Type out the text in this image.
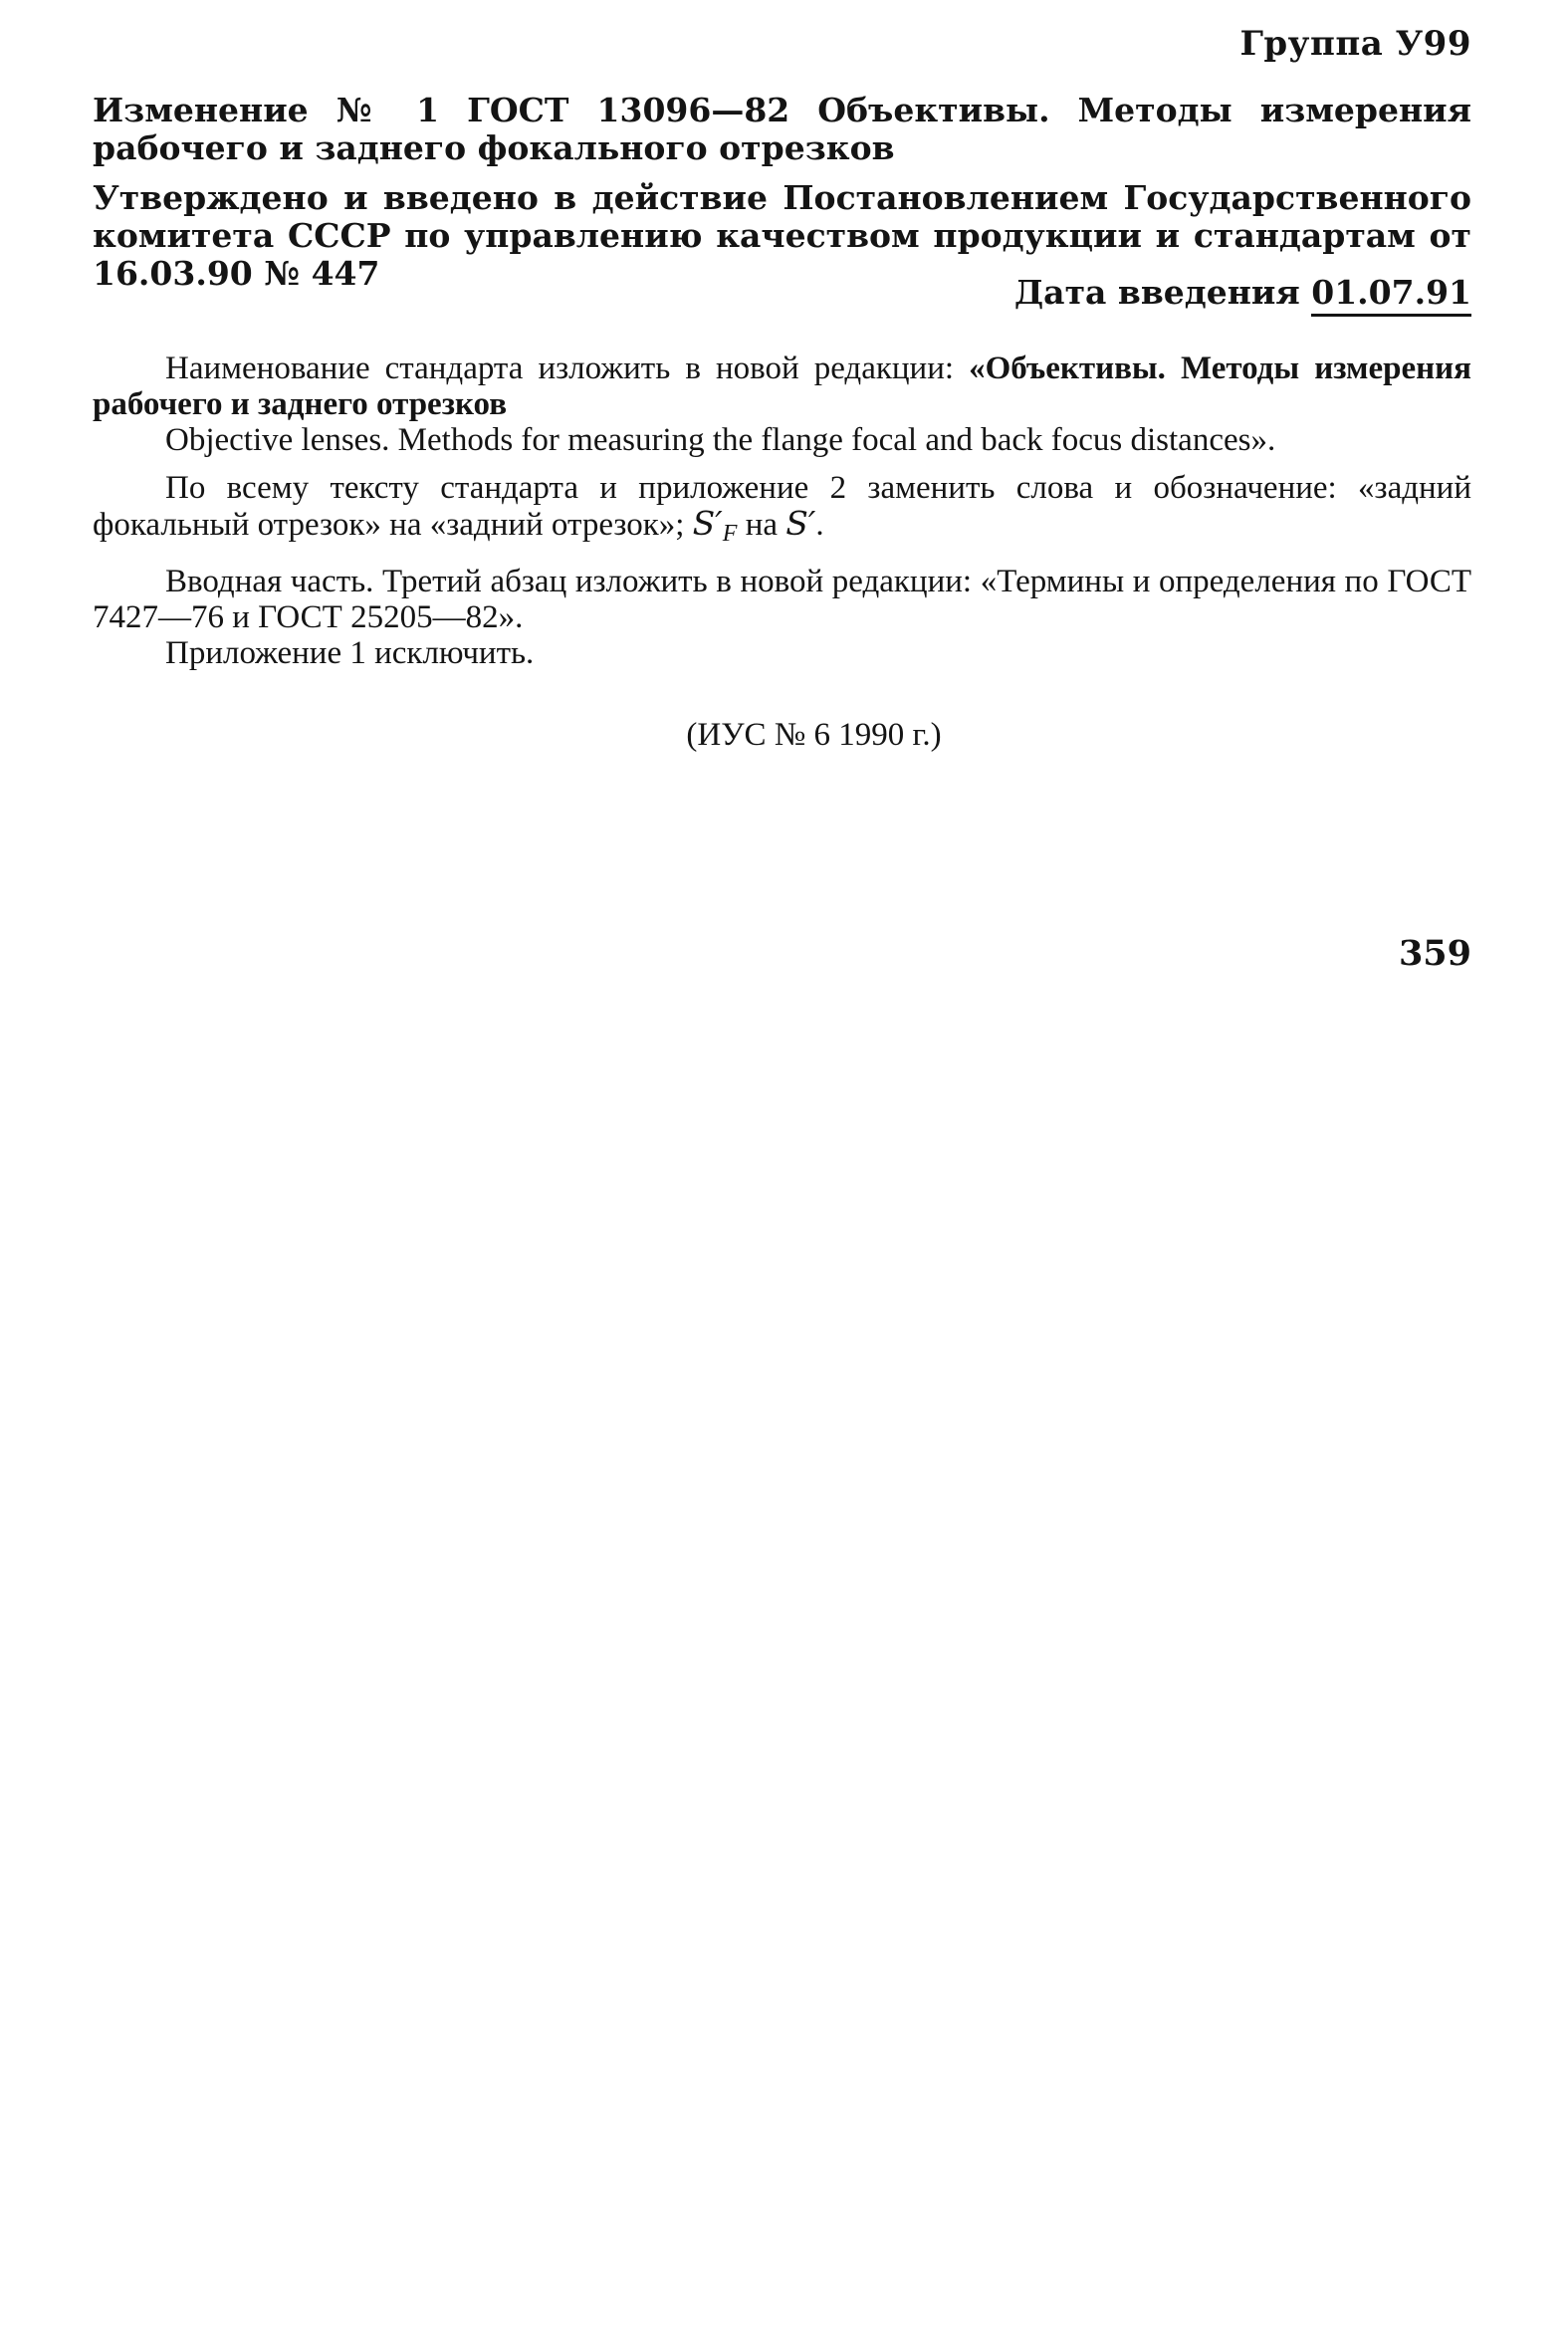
Группа У99
Изменение № 1 ГОСТ 13096—82 Объективы. Методы измерения рабочего и заднего фокального отрезков
Утверждено и введено в действие Постановлением Государственного комитета СССР по управлению качеством продукции и стандартам от 16.03.90 № 447	Дата введения 01.07.91

Наименование стандарта изложить в новой редакции: «Объективы. Методы измерения рабочего и заднего отрезков

Objective lenses. Methods for measuring the flange focal and back focus distances».

По всему тексту стандарта и приложение 2 заменить слова и обозначение: «задний фокальный отрезок» на «задний отрезок»; $S'_F$ на S′.

Вводная часть. Третий абзац изложить в новой редакции: «Термины и определения по ГОСТ 7427—76 и ГОСТ 25205—82».

Приложение 1 исключить.

(ИУС № 6 1990 г.)
359
